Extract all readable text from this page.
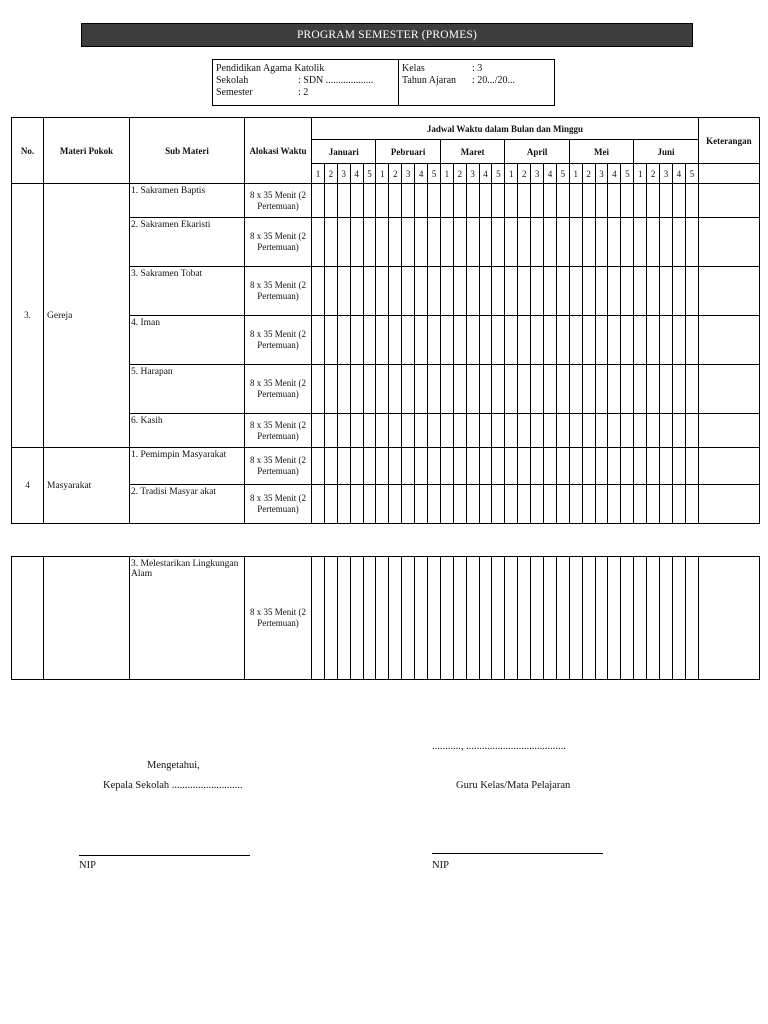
PROGRAM SEMESTER (PROMES)
Pendidikan Agama Katolik
Sekolah	: SDN ...................
Semester	: 2
Kelas	: 3
Tahun Ajaran	: 20.../20...
No.	Materi Pokok	Sub Materi	Alokasi Waktu	Jadwal Waktu dalam Bulan dan Minggu																														Keterangan
				Januari					Pebruari					Maret					April					Mei					Juni					
				1	2	3	4	5	1	2	3	4	5	1	2	3	4	5	1	2	3	4	5	1	2	3	4	5	1	2	3	4	5	
3.	Gereja	1. Sakramen Baptis	8 x 35 Menit (2 Pertemuan)																															
		2. Sakramen Ekaristi	8 x 35 Menit (2 Pertemuan)																															
		3. Sakramen Tobat	8 x 35 Menit (2 Pertemuan)																															
		4. Iman	8 x 35 Menit (2 Pertemuan)																															
		5. Harapan	8 x 35 Menit (2 Pertemuan)																															
		6. Kasih	8 x 35 Menit (2 Pertemuan)																															
4	Masyarakat	1. Pemimpin Masyarakat	8 x 35 Menit (2 Pertemuan)																															
		2. Tradisi Masyar akat	8 x 35 Menit (2 Pertemuan)																															
		3. Melestarikan Lingkungan Alam	8 x 35 Menit (2 Pertemuan)																															
..........., ......................................
Mengetahui,
Kepala Sekolah ...........................	Guru Kelas/Mata Pelajaran
NIP	NIP
